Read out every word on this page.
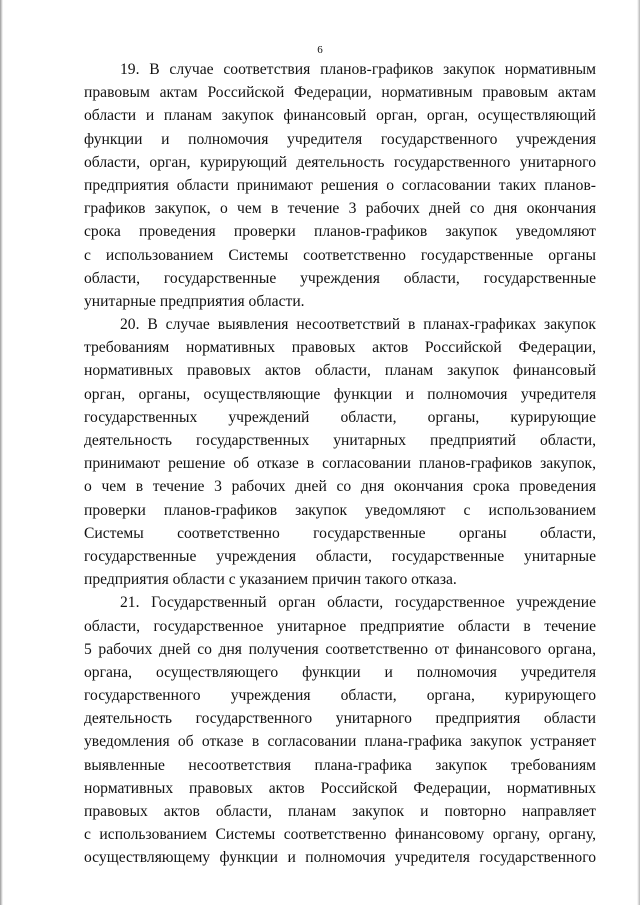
6
19. В случае соответствия планов-графиков закупок нормативным
правовым актам Российской Федерации, нормативным правовым актам
области и планам закупок финансовый орган, орган, осуществляющий
функции и полномочия учредителя государственного учреждения
области, орган, курирующий деятельность государственного унитарного
предприятия области принимают решения о согласовании таких планов-
графиков закупок, о чем в течение 3 рабочих дней со дня окончания
срока проведения проверки планов-графиков закупок уведомляют
с использованием Системы соответственно государственные органы
области, государственные учреждения области, государственные
унитарные предприятия области.
20. В случае выявления несоответствий в планах-графиках закупок
требованиям нормативных правовых актов Российской Федерации,
нормативных правовых актов области, планам закупок финансовый
орган, органы, осуществляющие функции и полномочия учредителя
государственных учреждений области, органы, курирующие
деятельность государственных унитарных предприятий области,
принимают решение об отказе в согласовании планов-графиков закупок,
о чем в течение 3 рабочих дней со дня окончания срока проведения
проверки планов-графиков закупок уведомляют с использованием
Системы соответственно государственные органы области,
государственные учреждения области, государственные унитарные
предприятия области с указанием причин такого отказа.
21. Государственный орган области, государственное учреждение
области, государственное унитарное предприятие области в течение
5 рабочих дней со дня получения соответственно от финансового органа,
органа, осуществляющего функции и полномочия учредителя
государственного учреждения области, органа, курирующего
деятельность государственного унитарного предприятия области
уведомления об отказе в согласовании плана-графика закупок устраняет
выявленные несоответствия плана-графика закупок требованиям
нормативных правовых актов Российской Федерации, нормативных
правовых актов области, планам закупок и повторно направляет
с использованием Системы соответственно финансовому органу, органу,
осуществляющему функции и полномочия учредителя государственного
